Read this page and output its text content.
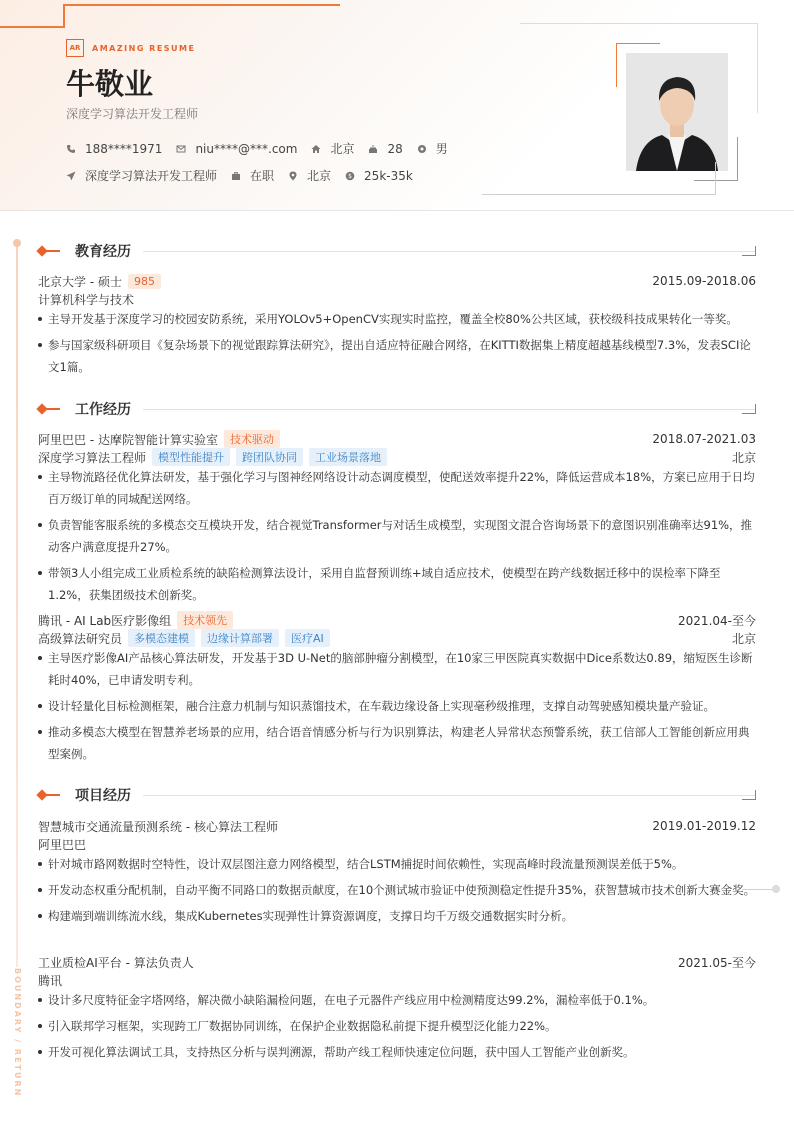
AR	AMAZING RESUME
牛敬业
深度学习算法开发工程师
188****1971	niu****@***.com	北京	28	男
深度学习算法开发工程师	在职	北京	$ 25k-35k
BOUNDARY / RETURN
教育经历
北京大学 - 硕士	985	2015.09-2018.06
计算机科学与技术
主导开发基于深度学习的校园安防系统，采用YOLOv5+OpenCV实现实时监控，覆盖全校80%公共区域，获校级科技成果转化一等奖。
参与国家级科研项目《复杂场景下的视觉跟踪算法研究》，提出自适应特征融合网络，在KITTI数据集上精度超越基线模型7.3%，发表SCI论文1篇。
工作经历
阿里巴巴 - 达摩院智能计算实验室	技术驱动	2018.07-2021.03
深度学习算法工程师	模型性能提升	跨团队协同	工业场景落地	北京
主导物流路径优化算法研发，基于强化学习与图神经网络设计动态调度模型，使配送效率提升22%，降低运营成本18%，方案已应用于日均百万级订单的同城配送网络。
负责智能客服系统的多模态交互模块开发，结合视觉Transformer与对话生成模型，实现图文混合咨询场景下的意图识别准确率达91%，推动客户满意度提升27%。
带领3人小组完成工业质检系统的缺陷检测算法设计，采用自监督预训练+域自适应技术，使模型在跨产线数据迁移中的误检率下降至1.2%，获集团级技术创新奖。
腾讯 - AI Lab医疗影像组	技术领先	2021.04-至今
高级算法研究员	多模态建模	边缘计算部署	医疗AI	北京
主导医疗影像AI产品核心算法研发，开发基于3D U-Net的脑部肿瘤分割模型，在10家三甲医院真实数据中Dice系数达0.89，缩短医生诊断耗时40%，已申请发明专利。
设计轻量化目标检测框架，融合注意力机制与知识蒸馏技术，在车载边缘设备上实现毫秒级推理，支撑自动驾驶感知模块量产验证。
推动多模态大模型在智慧养老场景的应用，结合语音情感分析与行为识别算法，构建老人异常状态预警系统，获工信部人工智能创新应用典型案例。
项目经历
智慧城市交通流量预测系统 - 核心算法工程师	2019.01-2019.12
阿里巴巴
针对城市路网数据时空特性，设计双层图注意力网络模型，结合LSTM捕捉时间依赖性，实现高峰时段流量预测误差低于5%。
开发动态权重分配机制，自动平衡不同路口的数据贡献度，在10个测试城市验证中使预测稳定性提升35%，获智慧城市技术创新大赛金奖。
构建端到端训练流水线，集成Kubernetes实现弹性计算资源调度，支撑日均千万级交通数据实时分析。
工业质检AI平台 - 算法负责人	2021.05-至今
腾讯
设计多尺度特征金字塔网络，解决微小缺陷漏检问题，在电子元器件产线应用中检测精度达99.2%，漏检率低于0.1%。
引入联邦学习框架，实现跨工厂数据协同训练，在保护企业数据隐私前提下提升模型泛化能力22%。
开发可视化算法调试工具，支持热区分析与误判溯源，帮助产线工程师快速定位问题，获中国人工智能产业创新奖。
